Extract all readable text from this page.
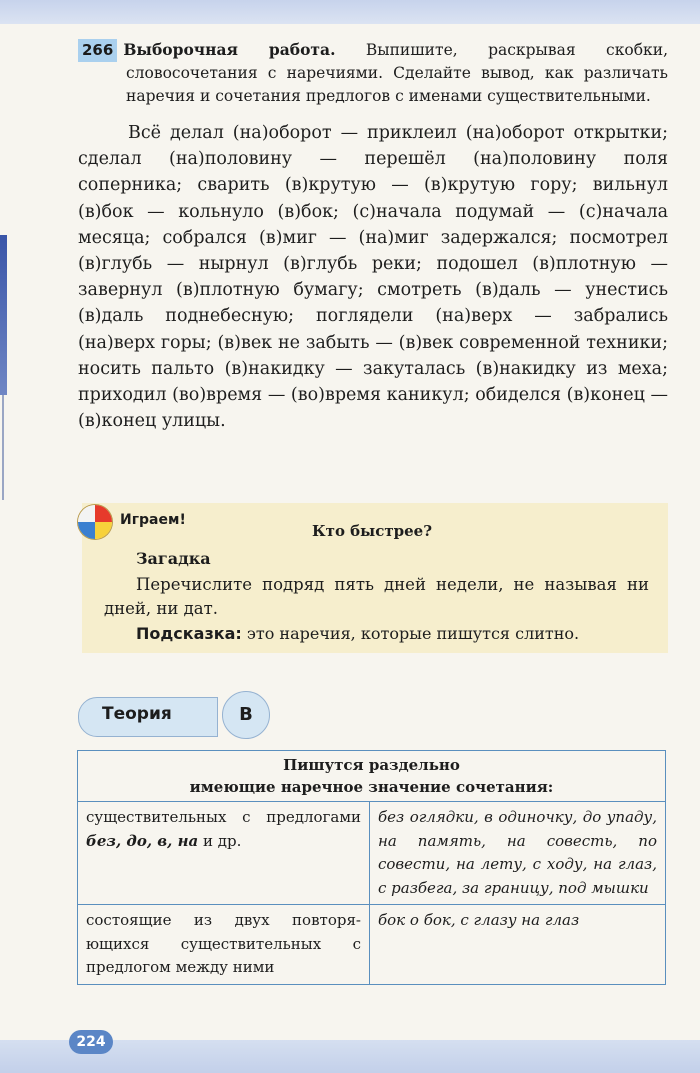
266 Выборочная работа. Выпишите, раскрывая скобки, словосочетания с наречиями. Сделайте вывод, как различать наречия и сочетания предлогов с именами существительными.

Всё делал (на)оборот — приклеил (на)оборот открытки; сделал (на)половину — перешёл (на)половину поля соперника; сварить (в)крутую — (в)крутую гору; вильнул (в)бок — кольнуло (в)бок; (с)начала подумай — (с)начала месяца; собрался (в)миг — (на)миг задержался; посмотрел (в)глубь — нырнул (в)глубь реки; подошел (в)плотную — завернул (в)плотную бумагу; смотреть (в)даль — унестись (в)даль поднебесную; поглядели (на)верх — забрались (на)верх горы; (в)век не забыть — (в)век современной техники; носить пальто (в)накидку — закуталась (в)накидку из меха; приходил (во)время — (во)время каникул; обиделся (в)конец — (в)конец улицы.

Играем!
Кто быстрее?
Загадка
Перечислите подряд пять дней недели, не называя ни дней, ни дат.
Подсказка: это наречия, которые пишутся слитно.
Теория	В
Пишутся раздельно
имеющие наречное значение сочетания:	

существительных с предлогами без, до, в, на и др.	без оглядки, в одиночку, до упаду, на память, на совесть, по совести, на лету, с ходу, на глаз, с разбега, за границу, под мышки
состоящие из двух повторяющихся существительных с предлогом между ними	бок о бок, с глазу на глаз
224
